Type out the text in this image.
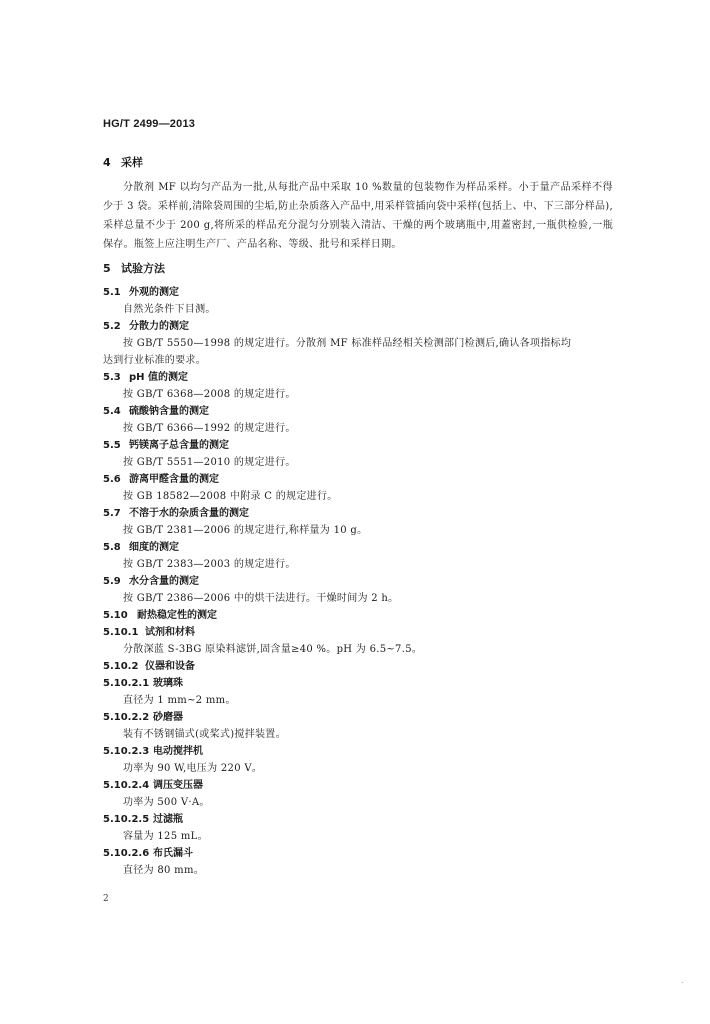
HG/T 2499—2013

4 采样

分散剂 MF 以均匀产品为一批,从每批产品中采取 10 %数量的包装物作为样品采样。小于量产品采样不得少于 3 袋。采样前,清除袋周围的尘垢,防止杂质落入产品中,用采样管插向袋中采样(包括上、中、下三部分样品),采样总量不少于 200 g,将所采的样品充分混匀分别装入清洁、干燥的两个玻璃瓶中,用蓋密封,一瓶供检验,一瓶保存。瓶签上应注明生产厂、产品名称、等级、批号和采样日期。

5 试验方法

5.1 外观的测定

自然光条件下目测。

5.2 分散力的测定

按 GB/T 5550—1998 的规定进行。分散剂 MF 标准样品经相关检测部门检测后,确认各项指标均

达到行业标准的要求。

5.3 pH 值的测定

按 GB/T 6368—2008 的规定进行。

5.4 硫酸钠含量的测定

按 GB/T 6366—1992 的规定进行。

5.5 钙镁离子总含量的测定

按 GB/T 5551—2010 的规定进行。

5.6 游离甲醛含量的测定

按 GB 18582—2008 中附录 C 的规定进行。

5.7 不溶于水的杂质含量的测定

按 GB/T 2381—2006 的规定进行,称样量为 10 g。

5.8 细度的测定

按 GB/T 2383—2003 的规定进行。

5.9 水分含量的测定

按 GB/T 2386—2006 中的烘干法进行。干燥时间为 2 h。

5.10 耐热稳定性的测定

5.10.1 试剂和材料

分散深蓝 S-3BG 原染料滤饼,固含量≥40 %。pH 为 6.5~7.5。

5.10.2 仪器和设备

5.10.2.1 玻璃珠

直径为 1 mm~2 mm。

5.10.2.2 砂磨器

装有不锈钢锚式(或桨式)搅拌装置。

5.10.2.3 电动搅拌机

功率为 90 W,电压为 220 V。

5.10.2.4 调压变压器

功率为 500 V·A。

5.10.2.5 过滤瓶

容量为 125 mL。

5.10.2.6 布氏漏斗

直径为 80 mm。

2
.
